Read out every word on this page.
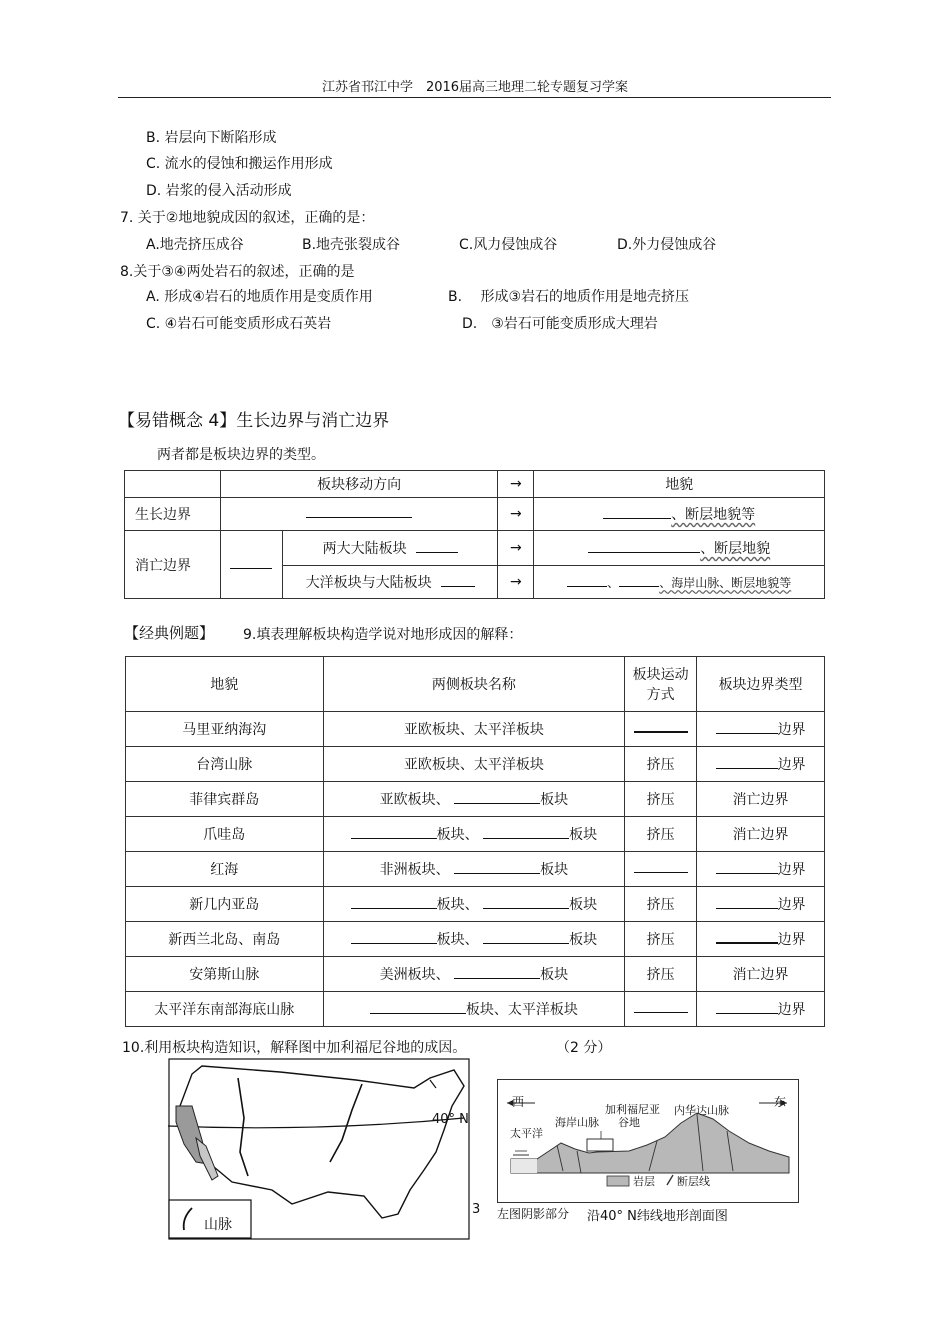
江苏省邗江中学　2016届高三地理二轮专题复习学案
B. 岩层向下断陷形成
C. 流水的侵蚀和搬运作用形成
D. 岩浆的侵入活动形成
7. 关于②地地貌成因的叙述，正确的是：
A.地壳挤压成谷	B.地壳张裂成谷	C.风力侵蚀成谷	D.外力侵蚀成谷
8.关于③④两处岩石的叙述，正确的是
A. 形成④岩石的地质作用是变质作用	B.　 形成③岩石的地质作用是地壳挤压
C. ④岩石可能变质形成石英岩	D.　③岩石可能变质形成大理岩
【易错概念 4】生长边界与消亡边界
两者都是板块边界的类型。
	板块移动方向		→	地貌
生长边界			→	、断层地貌等
消亡边界		两大大陆板块	→	、断层地貌
		大洋板块与大陆板块	→	、 、海岸山脉、断层地貌等
【经典例题】 9.填表理解板块构造学说对地形成因的解释：
地貌	两侧板块名称	板块运动方式	板块边界类型
马里亚纳海沟	亚欧板块、太平洋板块		边界
台湾山脉	亚欧板块、太平洋板块	挤压	边界
菲律宾群岛	亚欧板块、 板块	挤压	消亡边界
爪哇岛	板块、 板块	挤压	消亡边界
红海	非洲板块、 板块		边界
新几内亚岛	板块、 板块	挤压	边界
新西兰北岛、南岛	板块、 板块	挤压	边界
安第斯山脉	美洲板块、 板块	挤压	消亡边界
太平洋东南部海底山脉	板块、太平洋板块		边界
10.利用板块构造知识，解释图中加利福尼谷地的成因。	（2 分）
40° N
山脉
3
西	东
太平洋
海岸山脉
加利福尼亚
谷地
内华达山脉
岩层 断层线
左图阴影部分 沿40° N纬线地形剖面图
